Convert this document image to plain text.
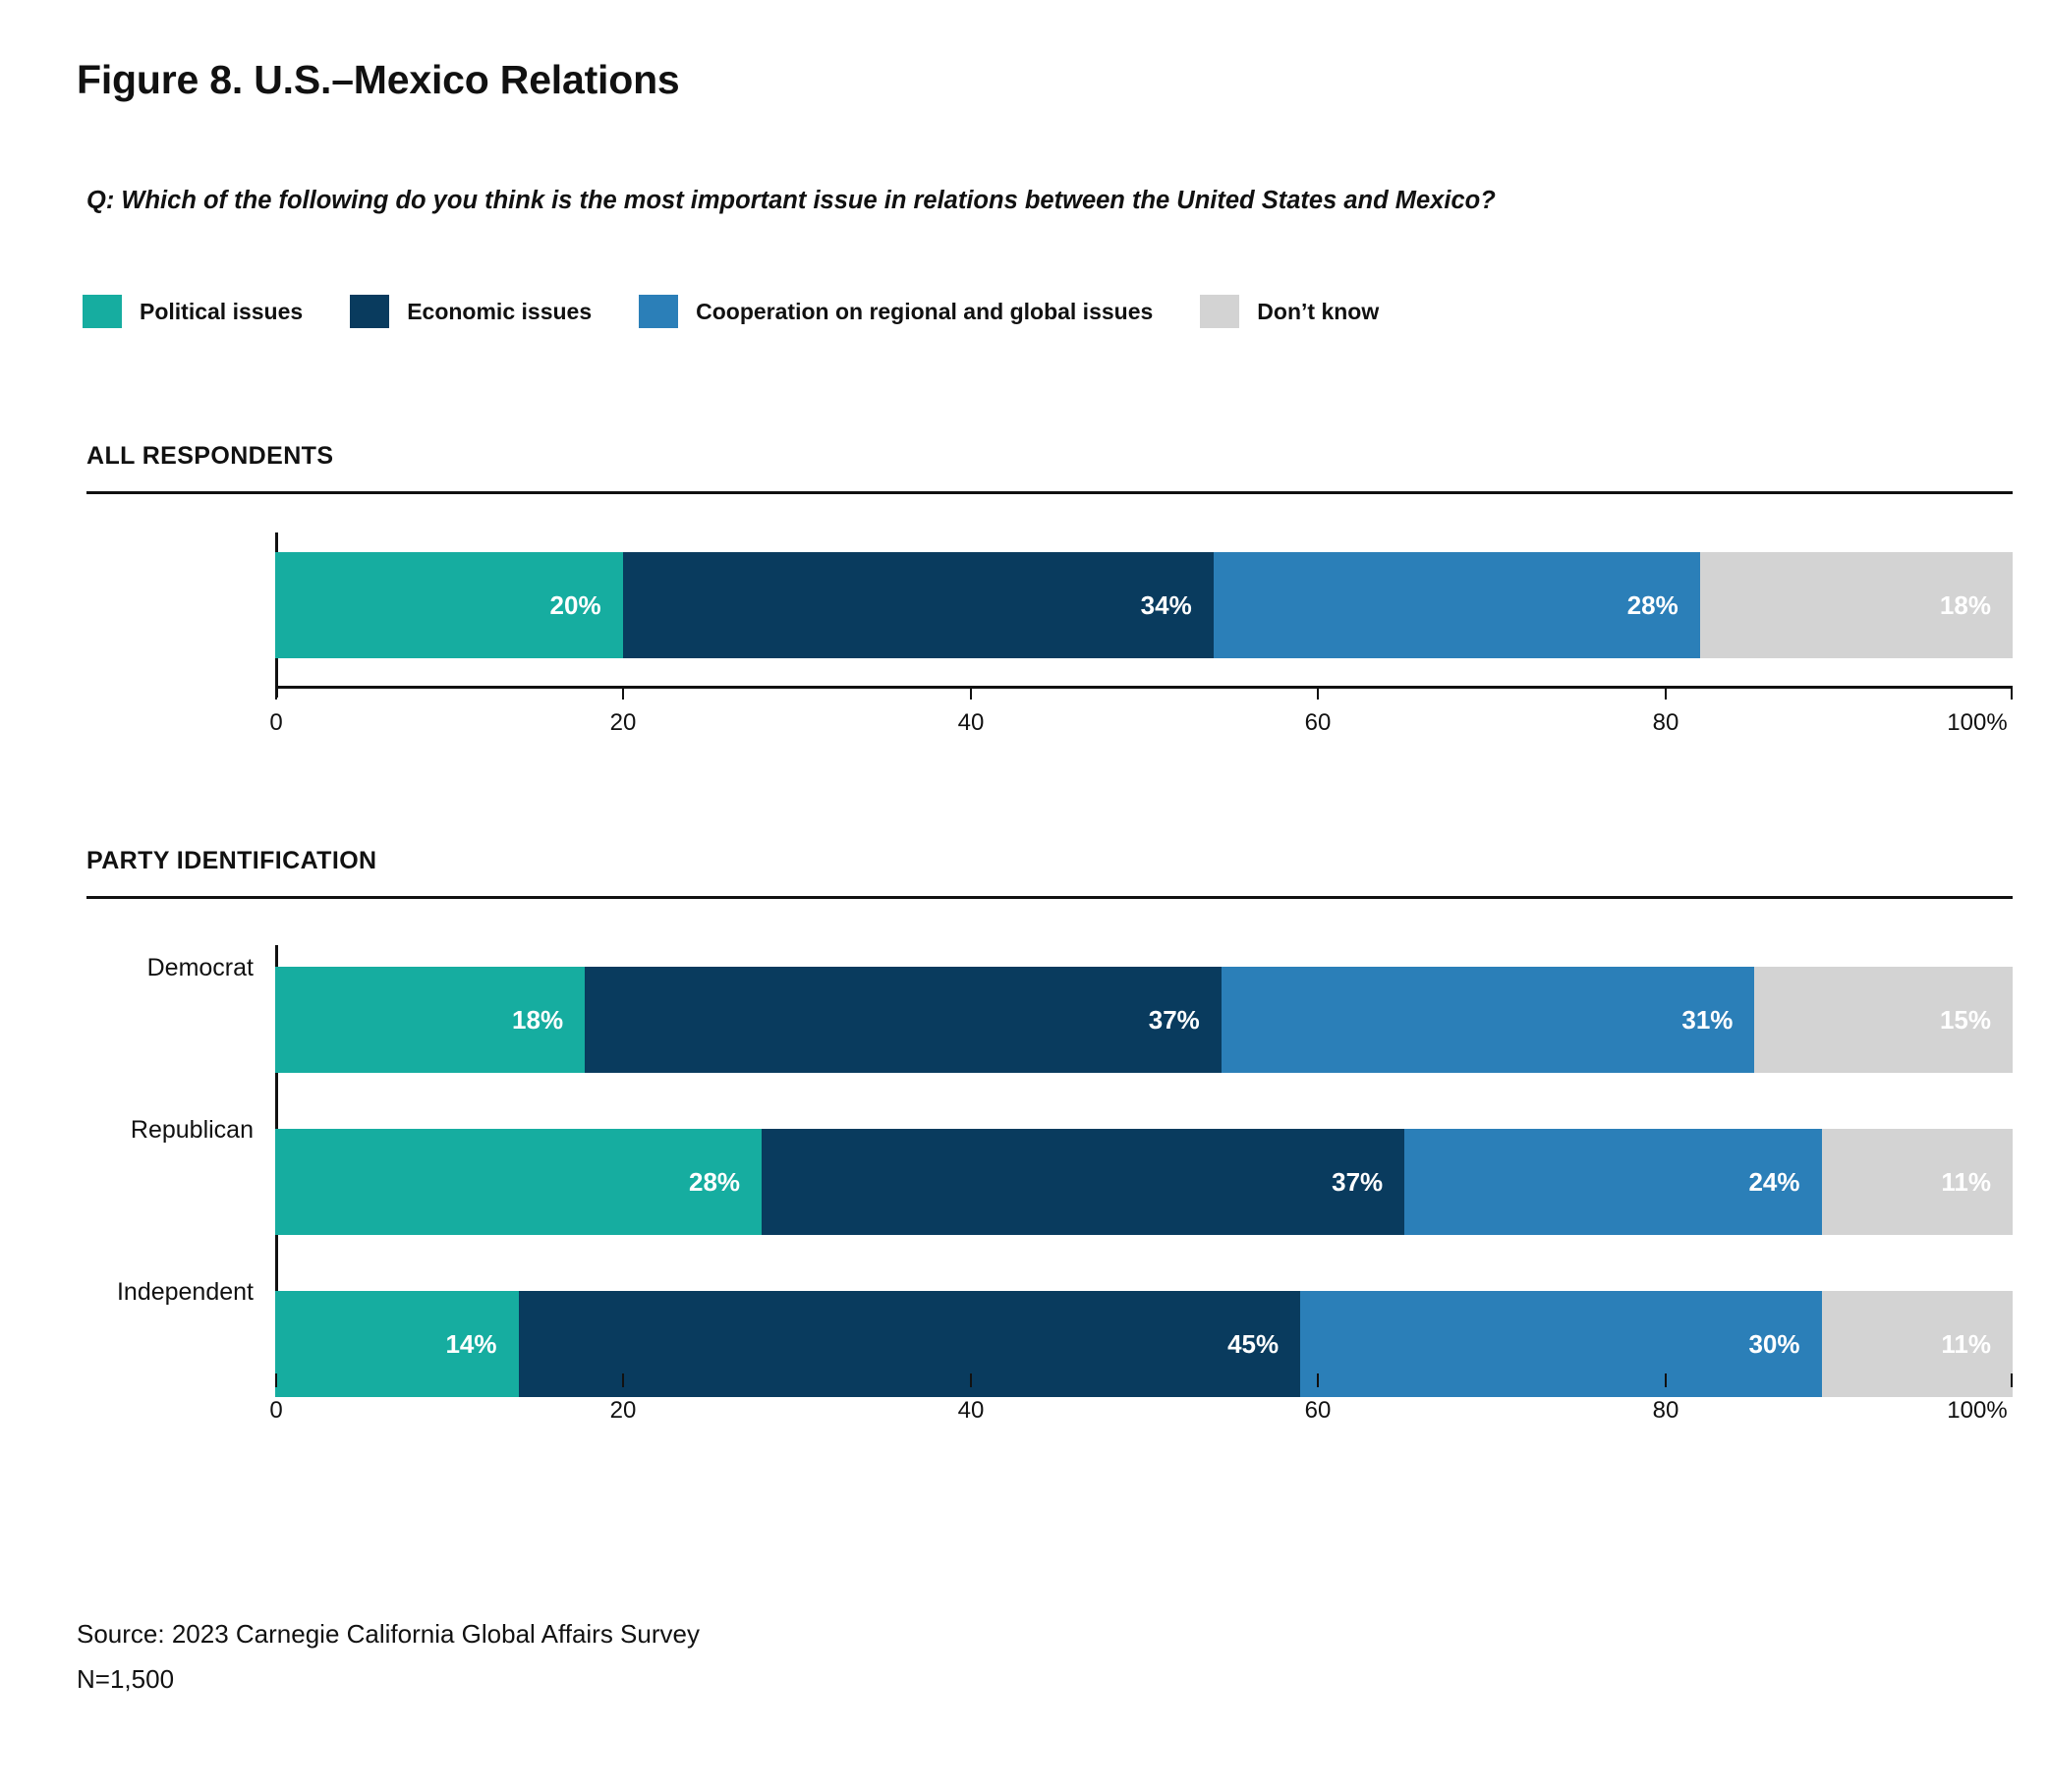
Figure 8. U.S.–Mexico Relations
Q: Which of the following do you think is the most important issue in relations between the United States and Mexico?
Political issues	Economic issues	Cooperation on regional and global issues	Don’t know
ALL RESPONDENTS
20%	34%	28%	18%
0	20	40	60	80	100%
PARTY IDENTIFICATION
Democrat
18%	37%	31%	15%
Republican
28%	37%	24%	11%
Independent
14%	45%	30%	11%
0	20	40	60	80	100%
Source: 2023 Carnegie California Global Affairs Survey
N=1,500
